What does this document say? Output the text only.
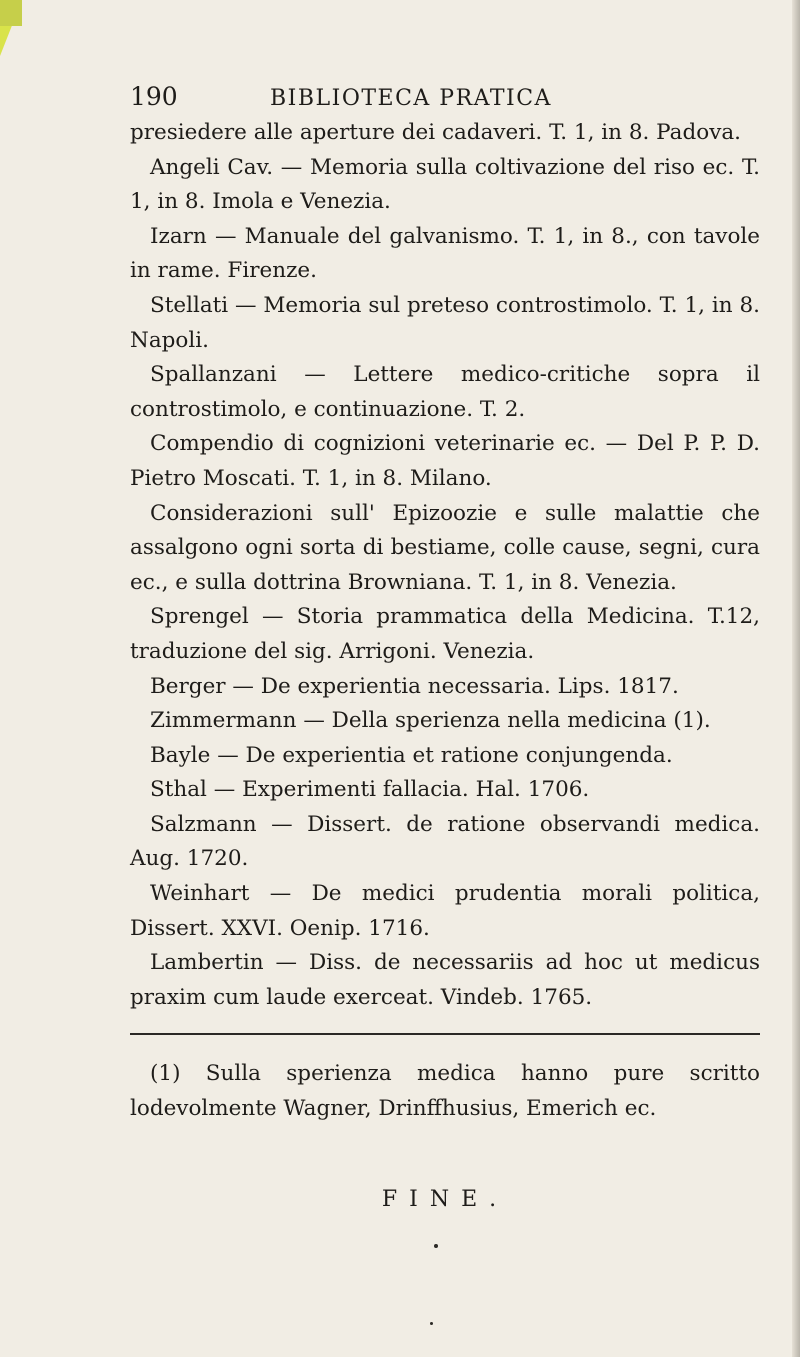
190	BIBLIOTECA PRATICA

presiedere alle aperture dei cadaveri. T. 1, in 8. Padova.

Angeli Cav. — Memoria sulla coltivazione del riso ec. T. 1, in 8. Imola e Venezia.

Izarn — Manuale del galvanismo. T. 1, in 8., con tavole in rame. Firenze.

Stellati — Memoria sul preteso controstimolo. T. 1, in 8. Napoli.

Spallanzani — Lettere medico-critiche sopra il controstimolo, e continuazione. T. 2.

Compendio di cognizioni veterinarie ec. — Del P. P. D. Pietro Moscati. T. 1, in 8. Milano.

Considerazioni sull' Epizoozie e sulle malattie che assalgono ogni sorta di bestiame, colle cause, segni, cura ec., e sulla dottrina Browniana. T. 1, in 8. Venezia.

Sprengel — Storia prammatica della Medicina. T.12, traduzione del sig. Arrigoni. Venezia.

Berger — De experientia necessaria. Lips. 1817.

Zimmermann — Della sperienza nella medicina (1).

Bayle — De experientia et ratione conjungenda.

Sthal — Experimenti fallacia. Hal. 1706.

Salzmann — Dissert. de ratione observandi medica. Aug. 1720.

Weinhart — De medici prudentia morali politica, Dissert. XXVI. Oenip. 1716.

Lambertin — Diss. de necessariis ad hoc ut medicus praxim cum laude exerceat. Vindeb. 1765.

(1) Sulla sperienza medica hanno pure scritto lodevolmente Wagner, Drinffhusius, Emerich ec.

FINE.
